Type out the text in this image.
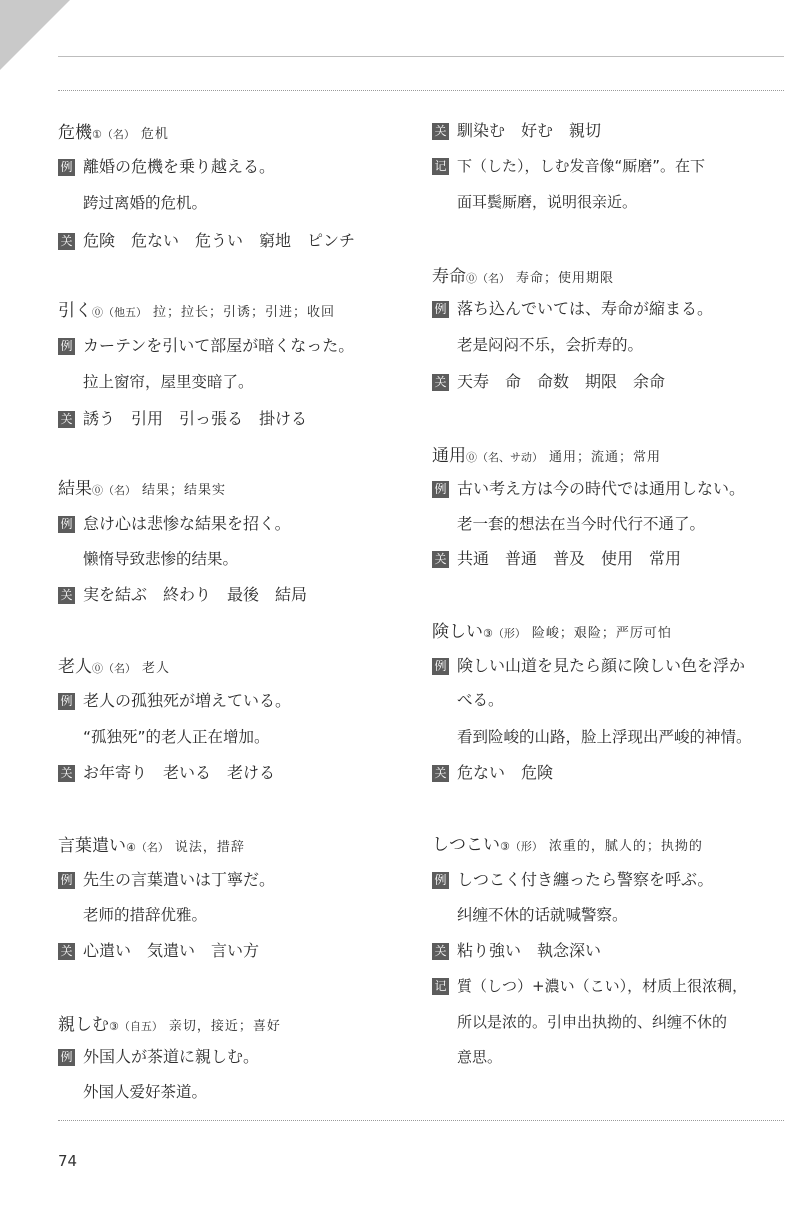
危機①（名） 危机
例 離婚の危機を乗り越える。
跨过离婚的危机。
关 危険　危ない　危うい　窮地　ピンチ
引く⓪（他五） 拉；拉长；引诱；引进；收回
例 カーテンを引いて部屋が暗くなった。
拉上窗帘，屋里变暗了。
关 誘う　引用　引っ張る　掛ける
結果⓪（名） 结果；结果实
例 怠け心は悲惨な結果を招く。
懒惰导致悲惨的结果。
关 実を結ぶ　終わり　最後　結局
老人⓪（名） 老人
例 老人の孤独死が増えている。
“孤独死”的老人正在增加。
关 お年寄り　老いる　老ける
言葉遣い④（名） 说法，措辞
例 先生の言葉遣いは丁寧だ。
老师的措辞优雅。
关 心遣い　気遣い　言い方
親しむ③（自五） 亲切，接近；喜好
例 外国人が茶道に親しむ。
外国人爱好茶道。
关 馴染む　好む　親切
记 下（した），しむ发音像“厮磨”。在下
面耳鬓厮磨，说明很亲近。
寿命⓪（名） 寿命；使用期限
例 落ち込んでいては、寿命が縮まる。
老是闷闷不乐，会折寿的。
关 天寿　命　命数　期限　余命
通用⓪（名、サ动） 通用；流通；常用
例 古い考え方は今の時代では通用しない。
老一套的想法在当今时代行不通了。
关 共通　普通　普及　使用　常用
険しい③（形） 险峻；艰险；严厉可怕
例 険しい山道を見たら顔に険しい色を浮か
べる。
看到险峻的山路，脸上浮现出严峻的神情。
关 危ない　危険
しつこい③（形） 浓重的，腻人的；执拗的
例 しつこく付き纏ったら警察を呼ぶ。
纠缠不休的话就喊警察。
关 粘り強い　執念深い
记 質（しつ）+濃い（こい），材质上很浓稠，
所以是浓的。引申出执拗的、纠缠不休的
意思。
74
